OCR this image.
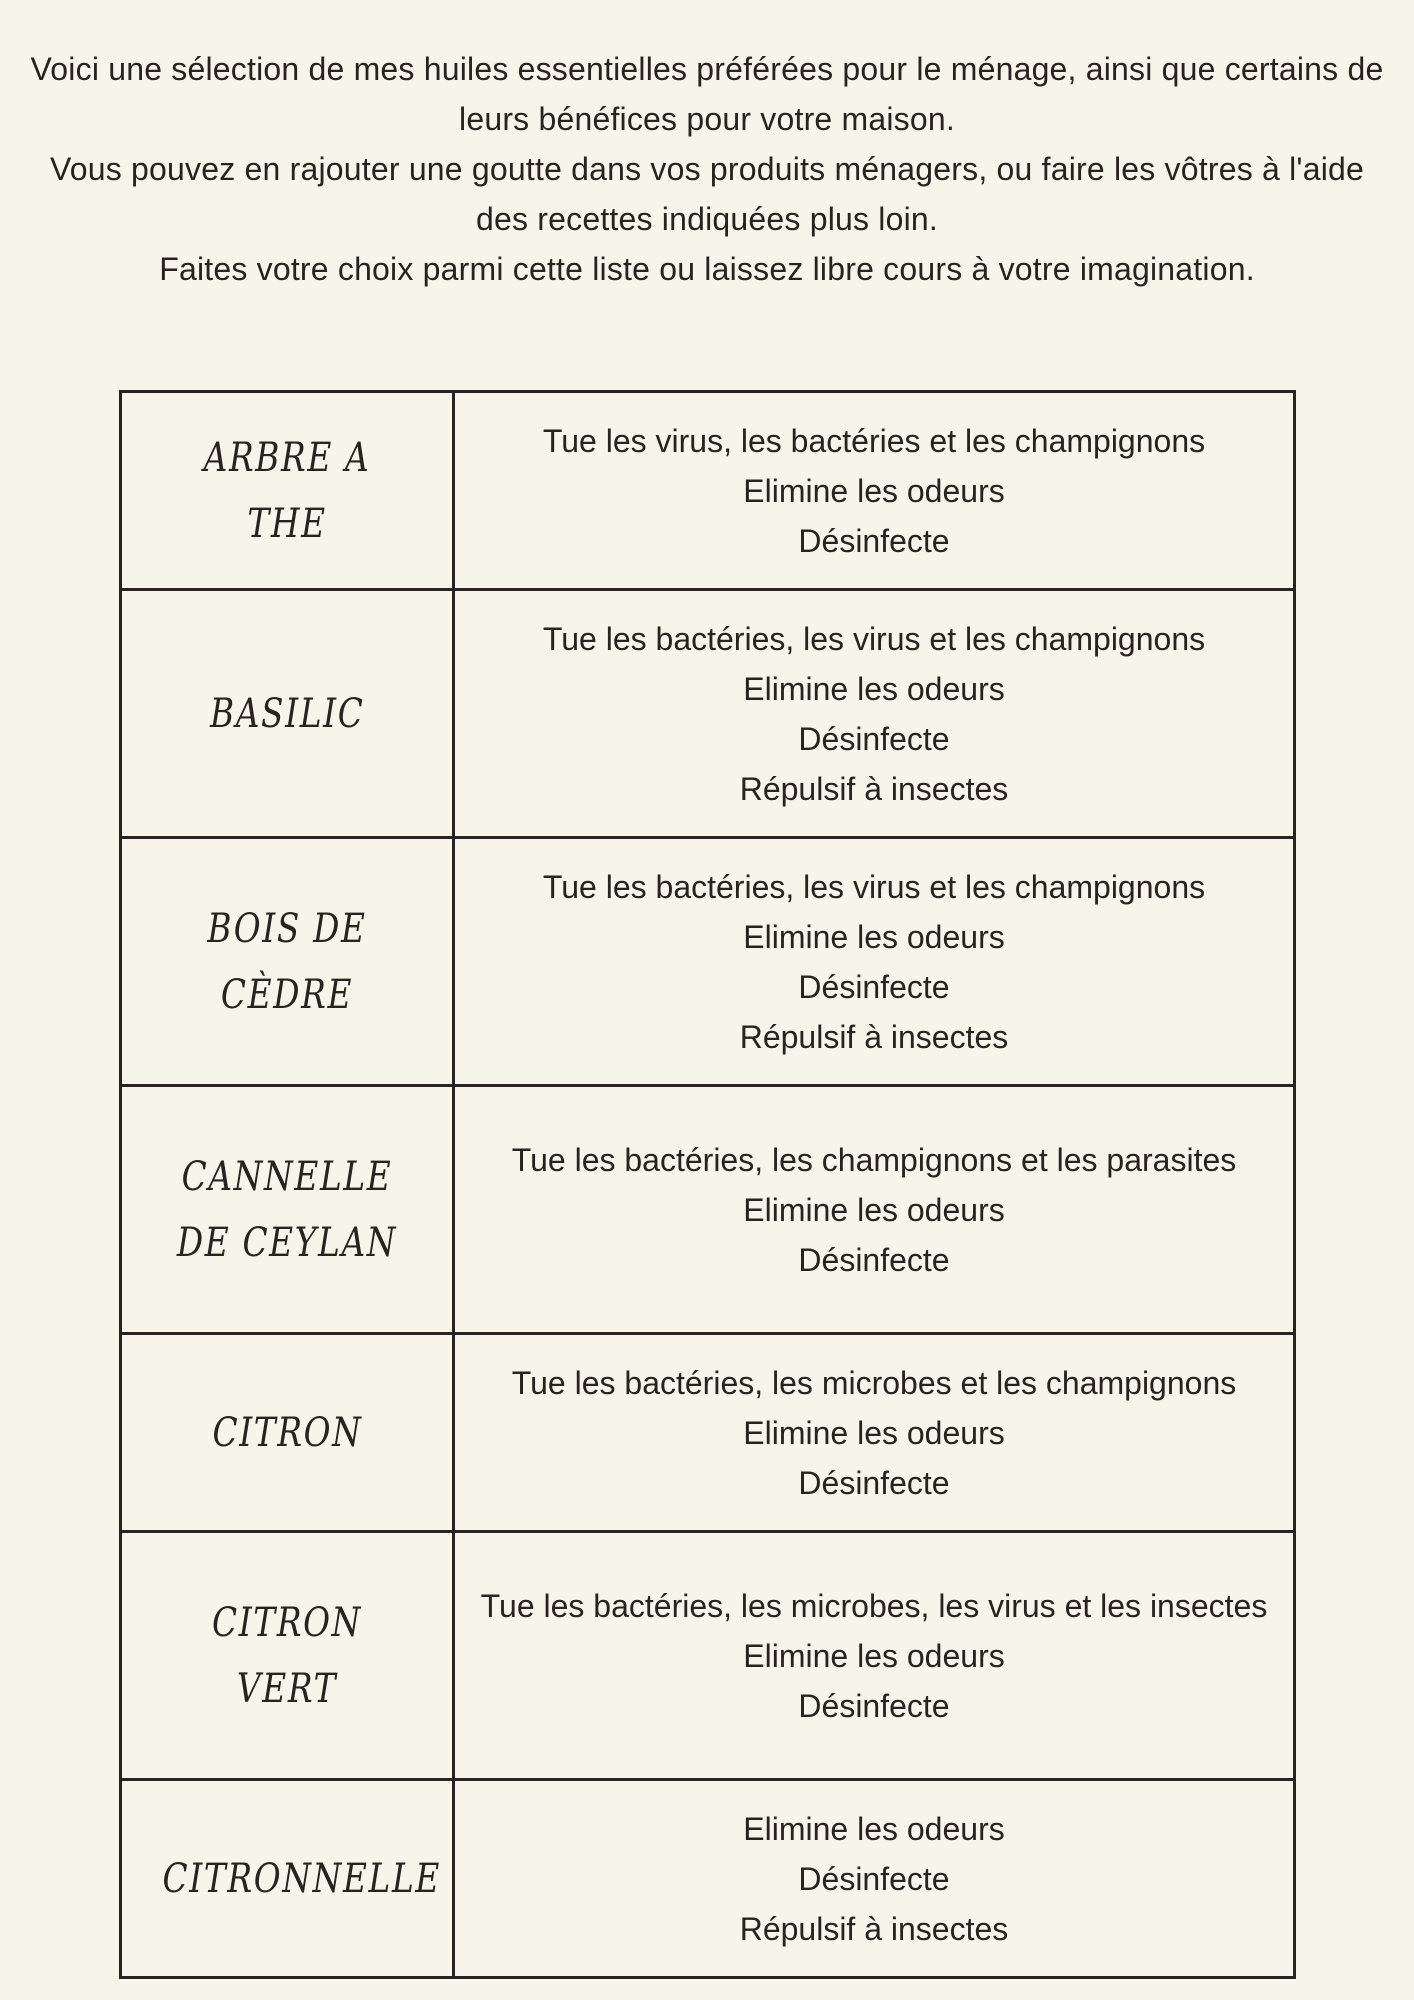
Voici une sélection de mes huiles essentielles préférées pour le ménage, ainsi que certains de leurs bénéfices pour votre maison.

Vous pouvez en rajouter une goutte dans vos produits ménagers, ou faire les vôtres à l'aide des recettes indiquées plus loin.

Faites votre choix parmi cette liste ou laissez libre cours à votre imagination.

ARBRE A THE	Tue les virus, les bactéries et les champignons
Elimine les odeurs
Désinfecte

BASILIC	Tue les bactéries, les virus et les champignons
Elimine les odeurs
Désinfecte
Répulsif à insectes

BOIS DE CÈDRE	Tue les bactéries, les virus et les champignons
Elimine les odeurs
Désinfecte
Répulsif à insectes

CANNELLE DE CEYLAN	Tue les bactéries, les champignons et les parasites
Elimine les odeurs
Désinfecte

CITRON	Tue les bactéries, les microbes et les champignons
Elimine les odeurs
Désinfecte

CITRON VERT	Tue les bactéries, les microbes, les virus et les insectes
Elimine les odeurs
Désinfecte

CITRONNELLE	Elimine les odeurs
Désinfecte
Répulsif à insectes
